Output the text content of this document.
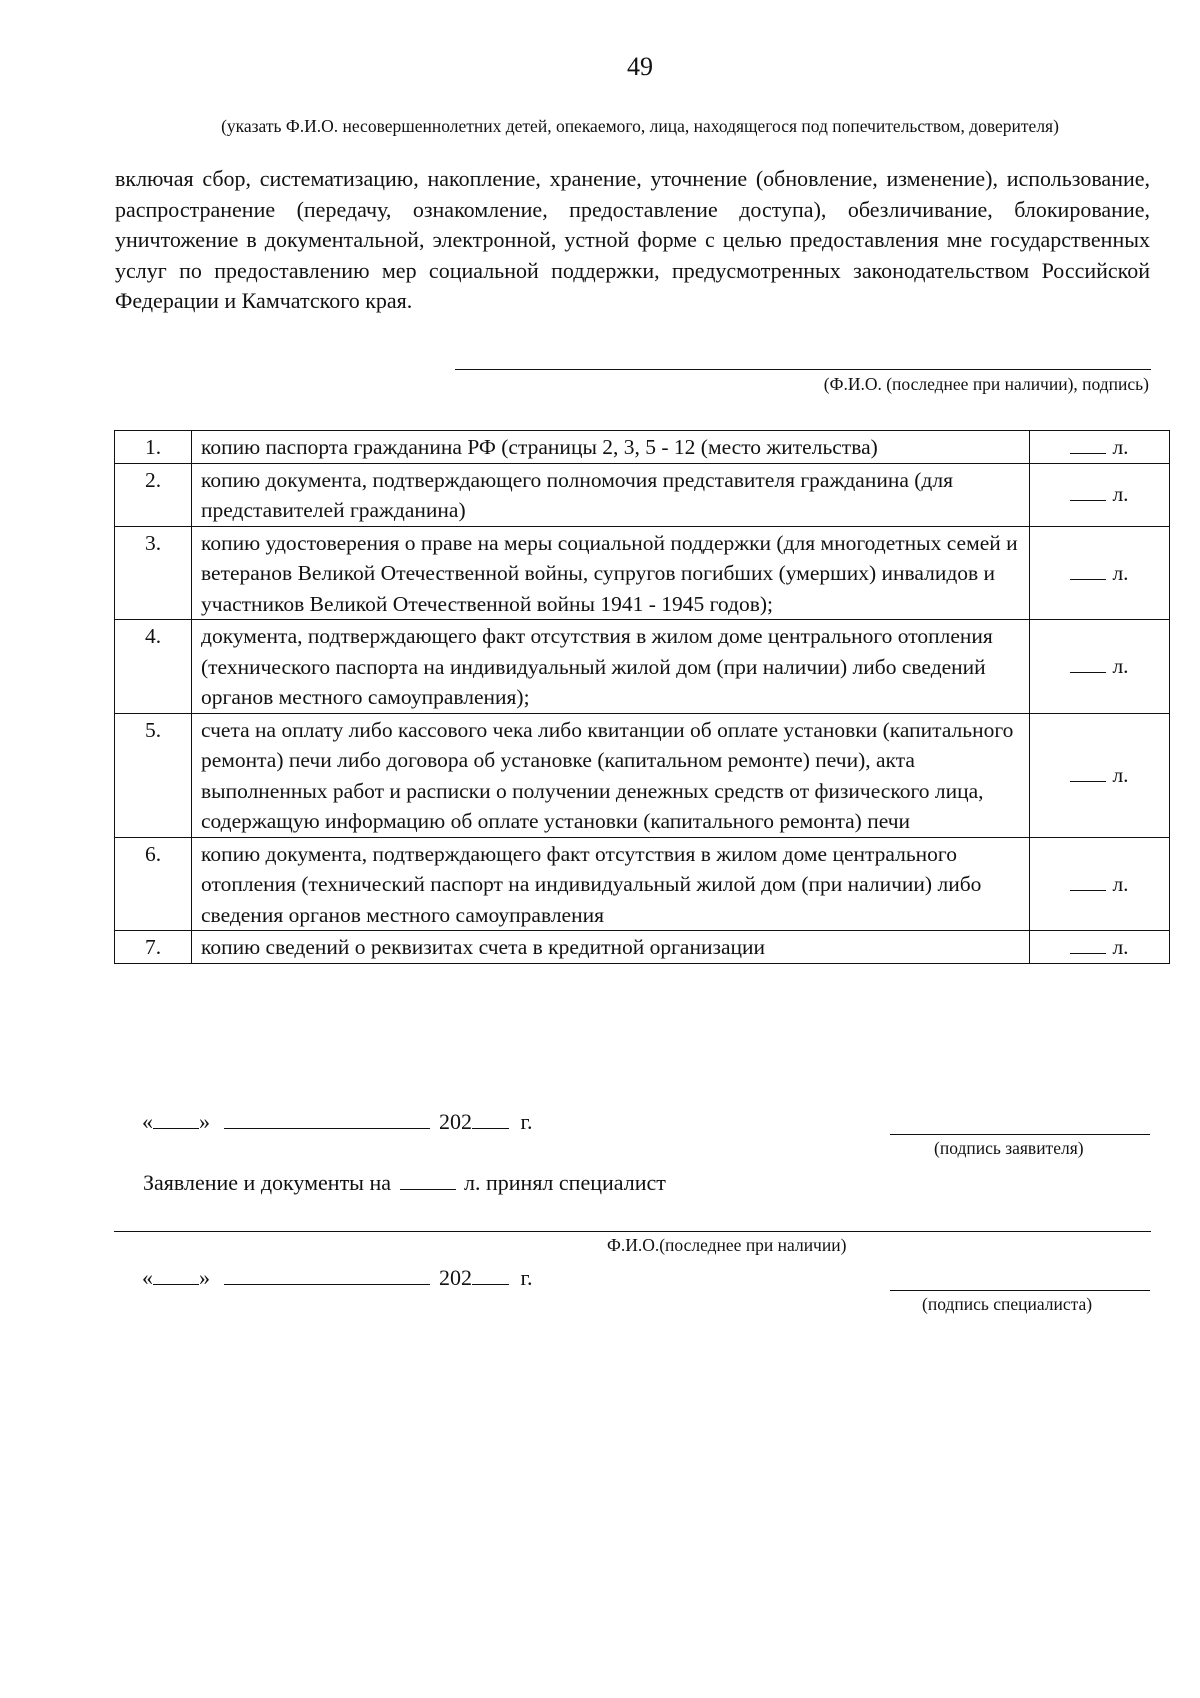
49
(указать Ф.И.О. несовершеннолетних детей, опекаемого, лица, находящегося под попечительством, доверителя)

включая сбор, систематизацию, накопление, хранение, уточнение (обновление, изменение), использование, распространение (передачу, ознакомление, предоставление доступа), обезличивание, блокирование, уничтожение в документальной, электронной, устной форме с целью предоставления мне государственных услуг по предоставлению мер социальной поддержки, предусмотренных законодательством Российской Федерации и Камчатского края.

(Ф.И.О. (последнее при наличии), подпись)
1.	копию паспорта гражданина РФ (страницы 2, 3, 5 - 12 (место жительства)	л.
2.	копию документа, подтверждающего полномочия представителя гражданина (для представителей гражданина)	л.
3.	копию удостоверения о праве на меры социальной поддержки (для многодетных семей и ветеранов Великой Отечественной войны, супругов погибших (умерших) инвалидов и участников Великой Отечественной войны 1941 - 1945 годов);	л.
4.	документа, подтверждающего факт отсутствия в жилом доме центрального отопления (технического паспорта на индивидуальный жилой дом (при наличии) либо сведений органов местного самоуправления);	л.
5.	счета на оплату либо кассового чека либо квитанции об оплате установки (капитального ремонта) печи либо договора об установке (капитальном ремонте) печи), акта выполненных работ и расписки о получении денежных средств от физического лица, содержащую информацию об оплате установки (капитального ремонта) печи	л.
6.	копию документа, подтверждающего факт отсутствия в жилом доме центрального отопления (технический паспорт на индивидуальный жилой дом (при наличии) либо сведения органов местного самоуправления	л.
7.	копию сведений о реквизитах счета в кредитной организации	л.
« »	202 г.
(подпись заявителя)
Заявление и документы на	л. принял специалист
Ф.И.О.(последнее при наличии)
« »	202 г.
(подпись специалиста)
